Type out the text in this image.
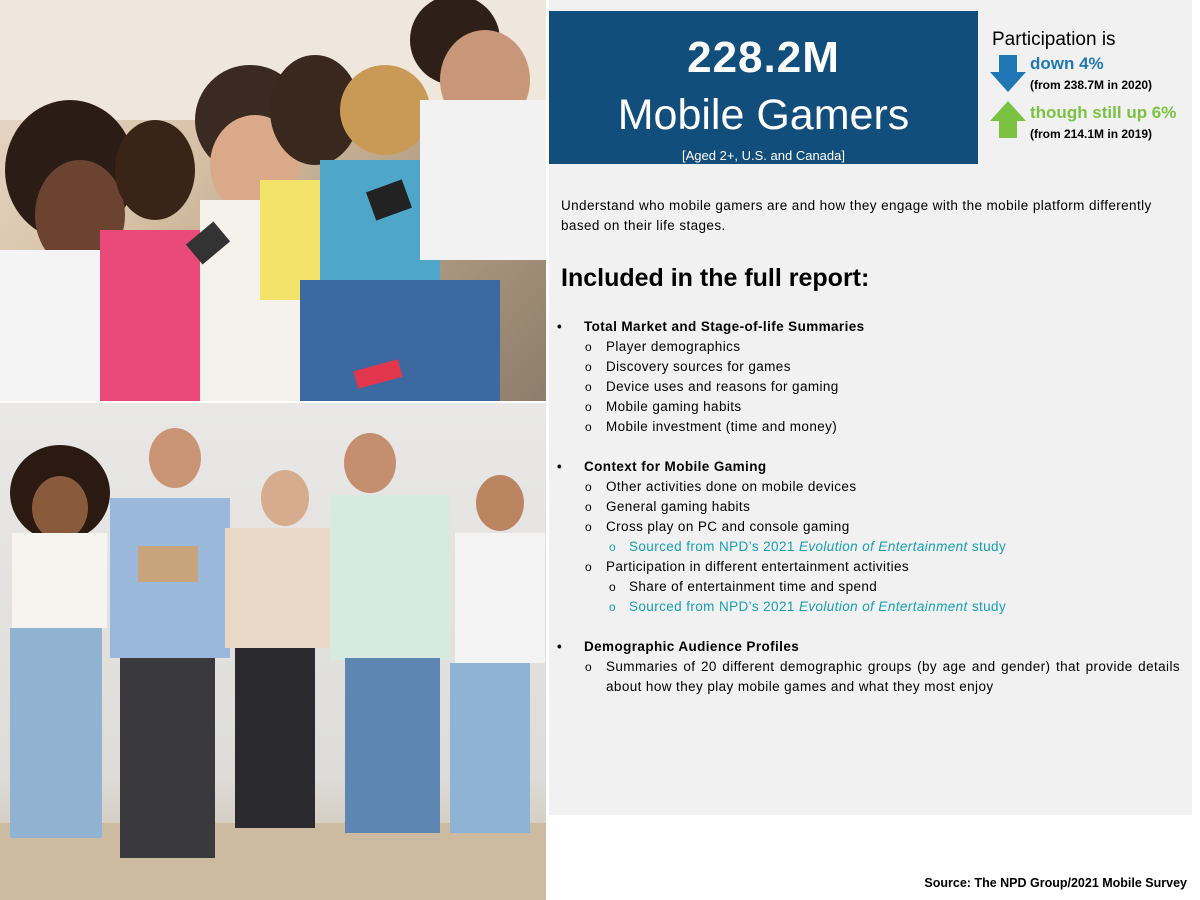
228.2M
Mobile Gamers
[Aged 2+, U.S. and Canada]
Participation is
down 4%
(from 238.7M in 2020)
though still up 6%
(from 214.1M in 2019)
Understand who mobile gamers are and how they engage with the mobile platform differently based on their life stages.
Included in the full report:
• Total Market and Stage-of-life Summaries
o Player demographics
o Discovery sources for games
o Device uses and reasons for gaming
o Mobile gaming habits
o Mobile investment (time and money)
• Context for Mobile Gaming
o Other activities done on mobile devices
o General gaming habits
o Cross play on PC and console gaming
o Sourced from NPD’s 2021 Evolution of Entertainment study
o Participation in different entertainment activities
o Share of entertainment time and spend
o Sourced from NPD’s 2021 Evolution of Entertainment study
• Demographic Audience Profiles
o Summaries of 20 different demographic groups (by age and gender) that provide details about how they play mobile games and what they most enjoy
Source: The NPD Group/2021 Mobile Survey
